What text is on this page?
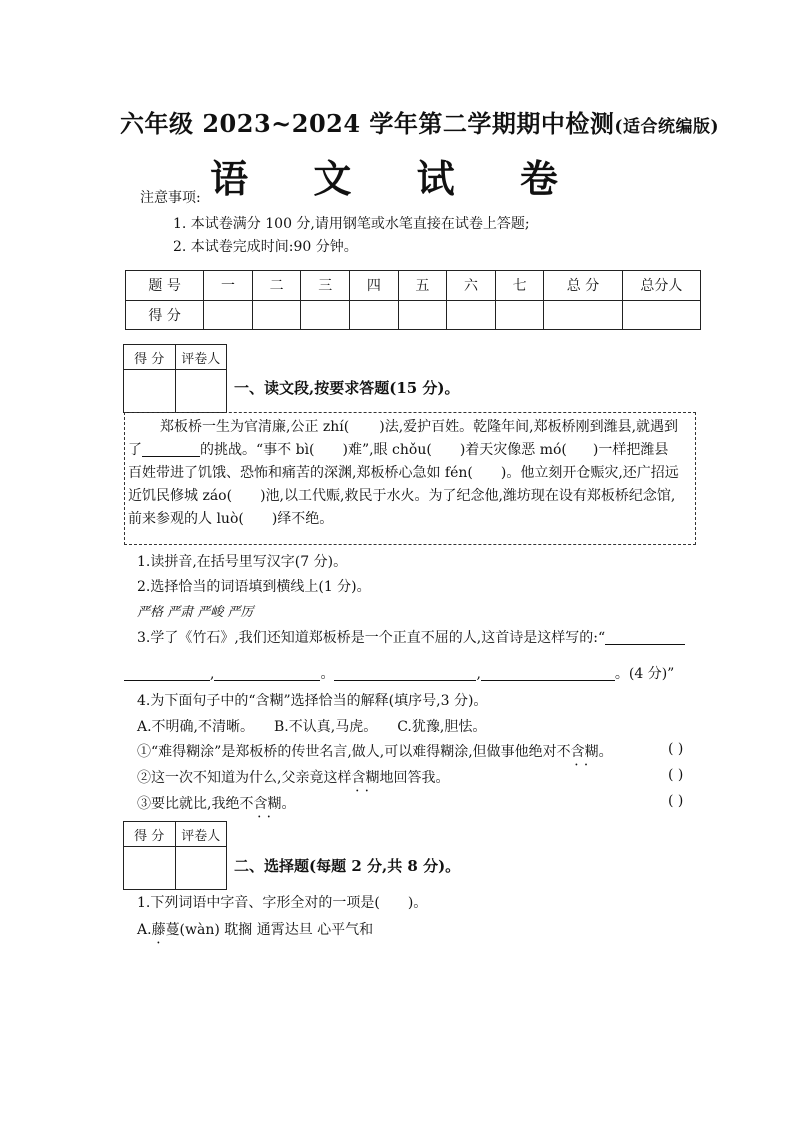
六年级 2023~2024 学年第二学期期中检测(适合统编版)
语 文 试 卷
注意事项:
1. 本试卷满分 100 分,请用钢笔或水笔直接在试卷上答题;
2. 本试卷完成时间:90 分钟。
题 号	一	二	三	四	五	六	七	总 分	总分人
得 分									
得 分	评卷人

一、读文段,按要求答题(15 分)。
郑板桥一生为官清廉,公正 zhí( )法,爱护百姓。乾隆年间,郑板桥刚到潍县,就遇到
了	的挑战。“事不 bì( )难”,眼 chǒu( )着天灾像恶 mó( )一样把潍县
百姓带进了饥饿、恐怖和痛苦的深渊,郑板桥心急如 fén( )。他立刻开仓赈灾,还广招远
近饥民修城 záo( )池,以工代赈,救民于水火。为了纪念他,潍坊现在设有郑板桥纪念馆,
前来参观的人 luò( )绎不绝。
1.读拼音,在括号里写汉字(7 分)。
2.选择恰当的词语填到横线上(1 分)。
严格 严肃 严峻 严厉
3.学了《竹石》,我们还知道郑板桥是一个正直不屈的人,这首诗是这样写的:“
,	。	,	。(4 分)”
4.为下面句子中的“含糊”选择恰当的解释(填序号,3 分)。
A.不明确,不清晰。 B.不认真,马虎。 C.犹豫,胆怯。
①“难得糊涂”是郑板桥的传世名言,做人,可以难得糊涂,但做事他绝对不含糊 • •。	( )
②这一次不知道为什么,父亲竟这样含糊 • •地回答我。	( )
③要比就比,我绝不含糊 • •。	( )
得 分	评卷人

二、选择题(每题 2 分,共 8 分)。
1.下列词语中字音、字形全对的一项是( )。
A.藤蔓(wàn) 耽搁 通霄达旦 心平气和
